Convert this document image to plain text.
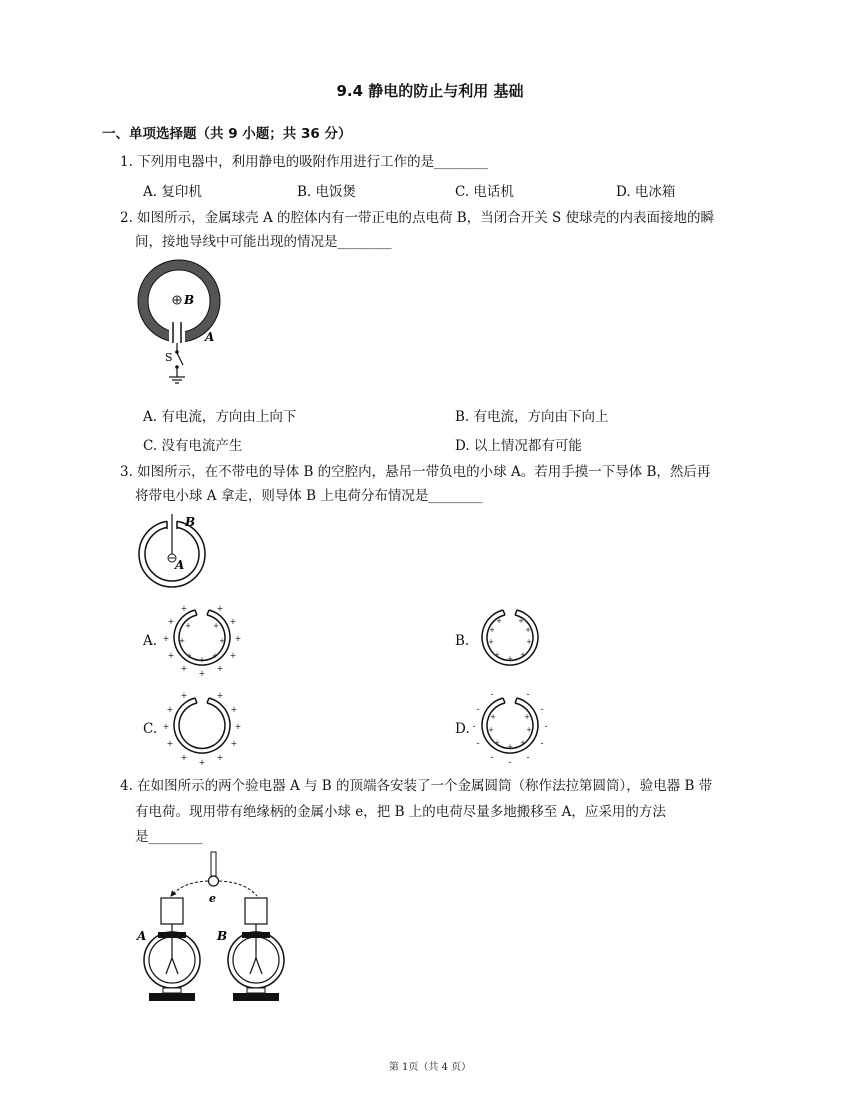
9.4 静电的防止与利用 基础
一、单项选择题（共 9 小题；共 36 分）
1. 下列用电器中，利用静电的吸附作用进行工作的是________
A. 复印机	B. 电饭煲	C. 电话机	D. 电冰箱
2. 如图所示，金属球壳 A 的腔体内有一带正电的点电荷 B，当闭合开关 S 使球壳的内表面接地的瞬
间，接地导线中可能出现的情况是________
B
A
S
A. 有电流，方向由上向下	B. 有电流，方向由下向上
C. 没有电流产生	D. 以上情况都有可能
3. 如图所示，在不带电的导体 B 的空腔内，悬吊一带负电的小球 A。若用手摸一下导体 B，然后再
将带电小球 A 拿走，则导体 B 上电荷分布情况是________
B
A
A.
+
+	+
+	+
+	+
+	+
+	+
+
+	+
+	+
+	+
B.
+
+	+
+	+
+	+
+ +
C.
+
+	+
+	+
+	+
+	+
+	+
D.
-
-	-
-	-
-	-
-	-
-	-
+
+	+
+	+
+	+
4. 在如图所示的两个验电器 A 与 B 的顶端各安装了一个金属圆筒（称作法拉第圆筒），验电器 B 带
有电荷。现用带有绝缘柄的金属小球 e，把 B 上的电荷尽量多地搬移至 A，应采用的方法
是________
e
A	B
第 1页（共 4 页）
